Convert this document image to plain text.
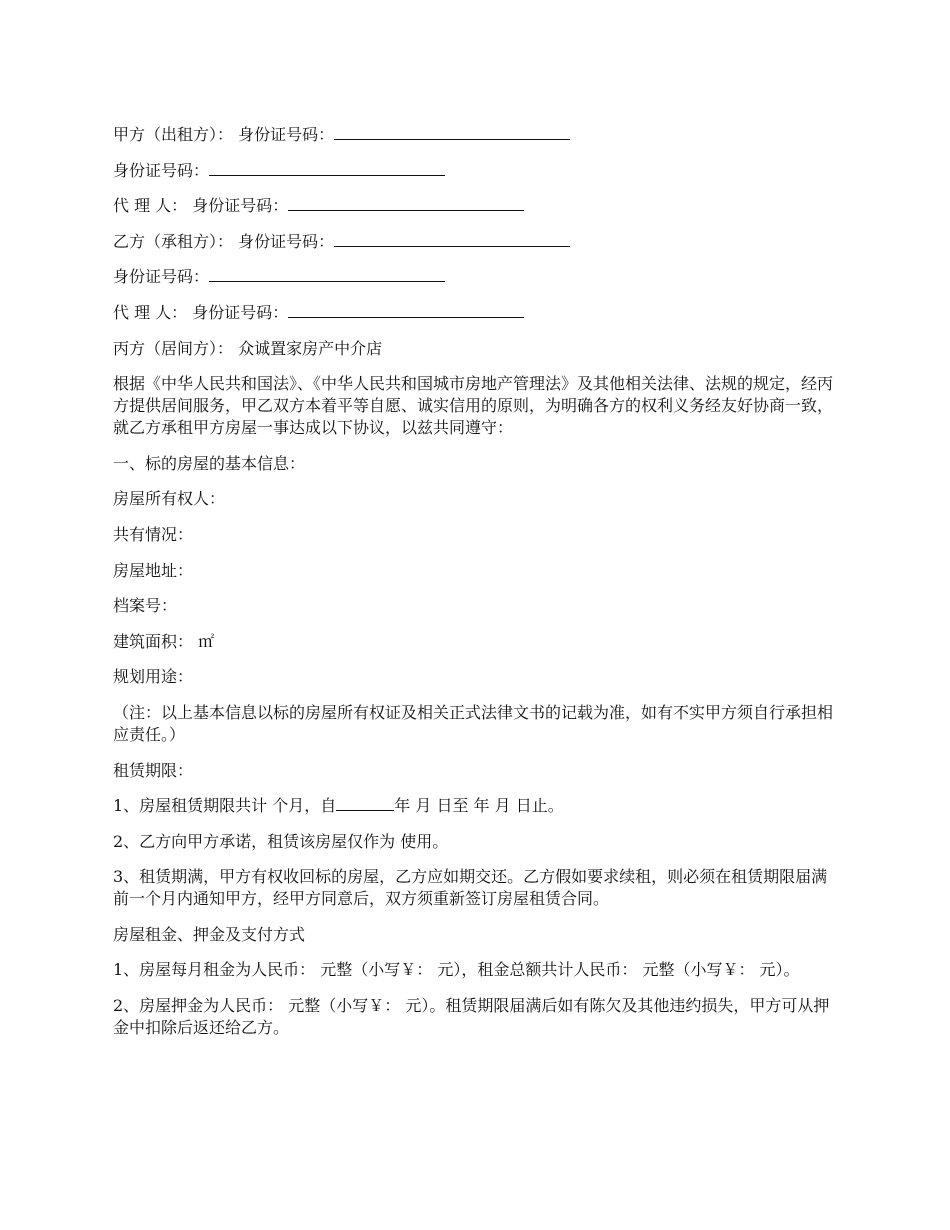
甲方（出租方）： 身份证号码：

身份证号码：

代 理 人： 身份证号码：

乙方（承租方）： 身份证号码：

身份证号码：

代 理 人： 身份证号码：

丙方（居间方）： 众诚置家房产中介店

根据《中华人民共和国法》、《中华人民共和国城市房地产管理法》及其他相关法律、法规的规定，经丙方提供居间服务，甲乙双方本着平等自愿、诚实信用的原则，为明确各方的权利义务经友好协商一致，就乙方承租甲方房屋一事达成以下协议，以兹共同遵守：

一、标的房屋的基本信息：

房屋所有权人：

共有情况：

房屋地址：

档案号：

建筑面积： ㎡

规划用途：

（注：以上基本信息以标的房屋所有权证及相关正式法律文书的记载为准，如有不实甲方须自行承担相应责任。）

租赁期限：

1、房屋租赁期限共计 个月，自	年 月 日至 年 月 日止。

2、乙方向甲方承诺，租赁该房屋仅作为 使用。

3、租赁期满，甲方有权收回标的房屋，乙方应如期交还。乙方假如要求续租，则必须在租赁期限届满前一个月内通知甲方，经甲方同意后，双方须重新签订房屋租赁合同。

房屋租金、押金及支付方式

1、房屋每月租金为人民币： 元整（小写￥： 元），租金总额共计人民币： 元整（小写￥： 元）。

2、房屋押金为人民币： 元整（小写￥： 元）。租赁期限届满后如有陈欠及其他违约损失，甲方可从押金中扣除后返还给乙方。
